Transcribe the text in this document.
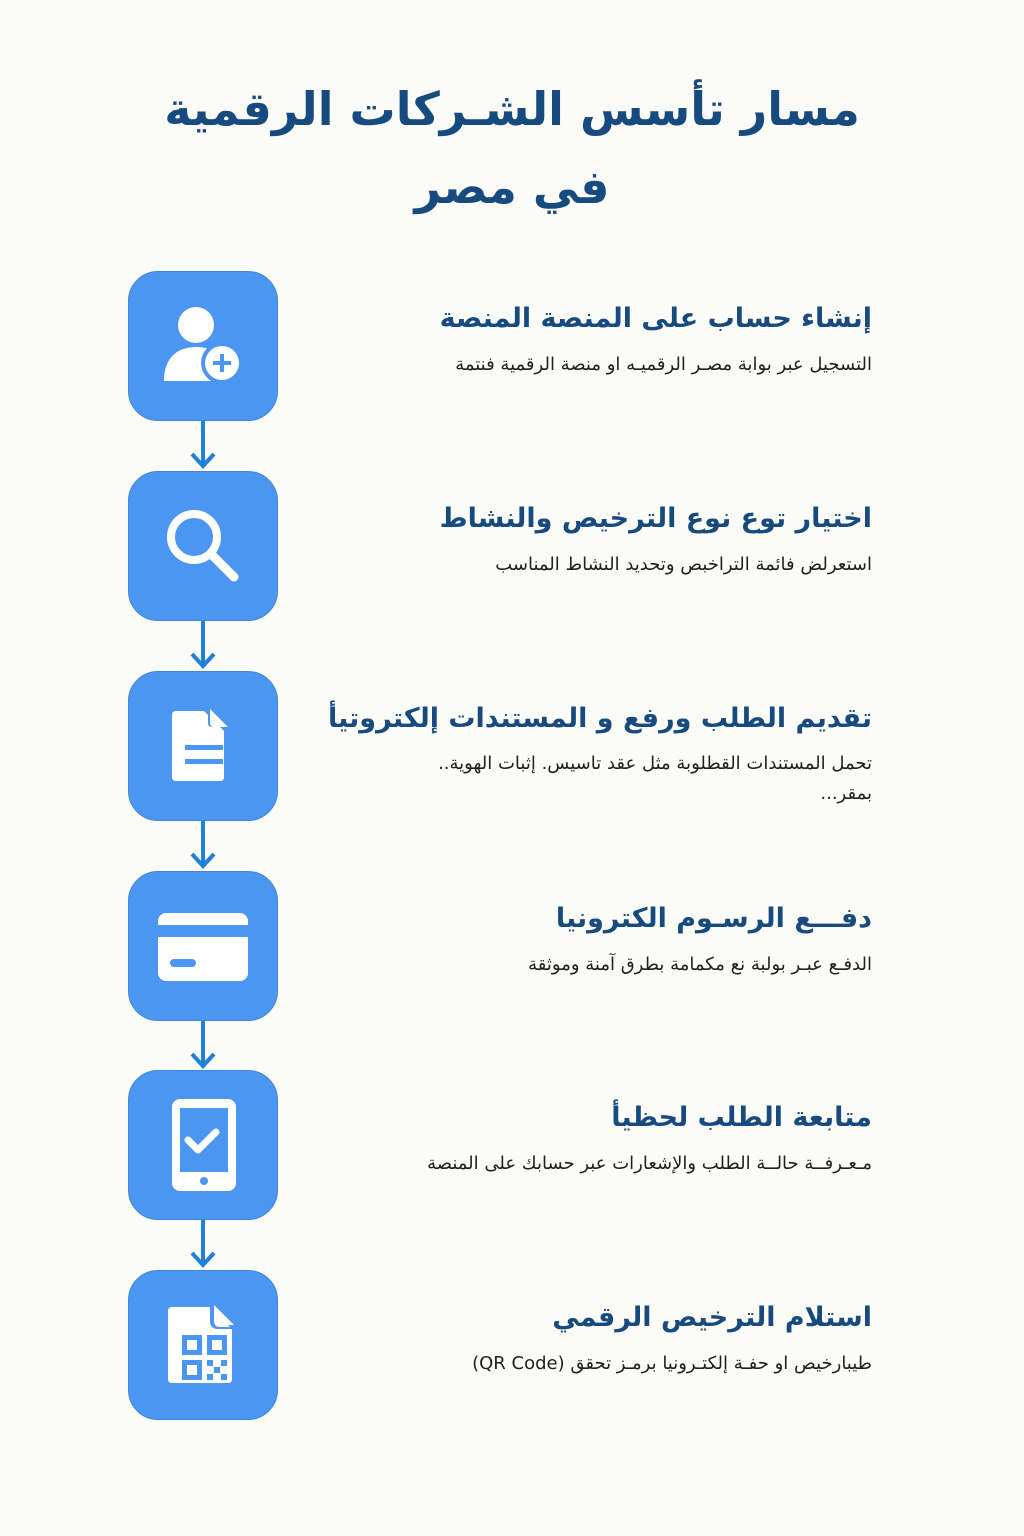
مسار تأسس الشـركات الرقمية
في مصر

إنشاء حساب على المنصة المنصة

التسجيل عبر بوابة مصـر الرقميـه او منصة الرقمية فنتمة

اختيار توع نوع الترخيص والنشاط

استعرلض فائمة التراخبص وتحديد النشاط المناسب

تقديم الطلب ورفع و المستندات إلكتروتيأ

تحمل المستندات القطلوبة مثل عقد تاسيس. إثبات الهوية..
بمقر...

دفـــع الرسـوم الكترونيا

الدفـع عبـر بولبة نع مكمامة بطرق آمنة وموثقة

متابعة الطلب لحظيأ

مـعـرفــة حالــة الطلب والإشعارات عبر حسابك على المنصة

استلام الترخيص الرقمي

طيبارخيص او حفـة إلكتـرونيا برمـز تحقق (QR Code)
